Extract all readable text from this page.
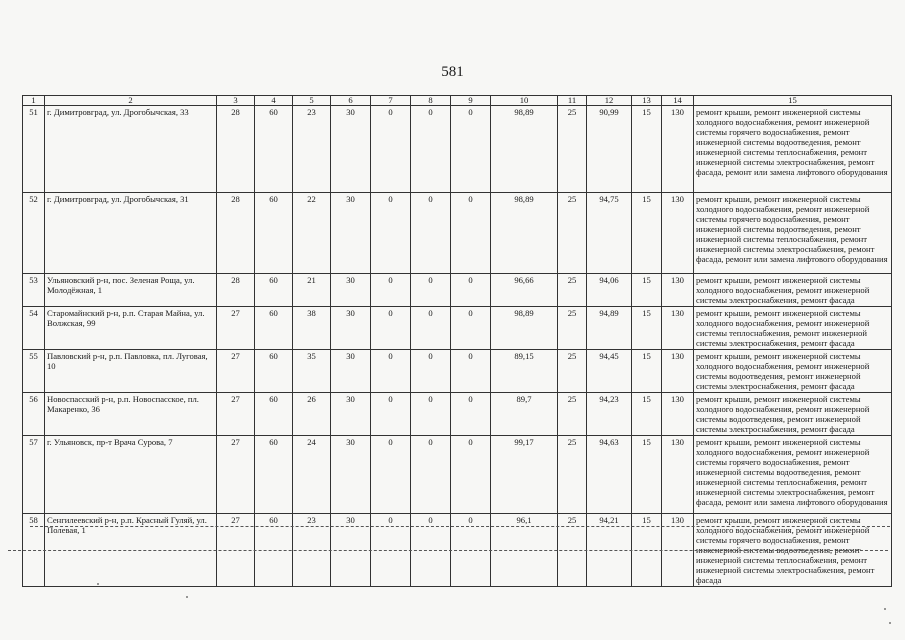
581
1	2	3	4	5	6	7	8	9	10	11	12	13	14	15
51	г. Димитровград, ул. Дрогобычская, 33	28	60	23	30	0	0	0	98,89	25	90,99	15	130	ремонт крыши, ремонт инженерной системы холодного водоснабжения, ремонт инженерной системы горячего водоснабжения, ремонт инженерной системы водоотведения, ремонт инженерной системы теплоснабжения, ремонт инженерной системы электроснабжения, ремонт фасада, ремонт или замена лифтового оборудования
52	г. Димитровград, ул. Дрогобычская, 31	28	60	22	30	0	0	0	98,89	25	94,75	15	130	ремонт крыши, ремонт инженерной системы холодного водоснабжения, ремонт инженерной системы горячего водоснабжения, ремонт инженерной системы водоотведения, ремонт инженерной системы теплоснабжения, ремонт инженерной системы электроснабжения, ремонт фасада, ремонт или замена лифтового оборудования
53	Ульяновский р-н, пос. Зеленая Роща, ул. Молодёжная, 1	28	60	21	30	0	0	0	96,66	25	94,06	15	130	ремонт крыши, ремонт инженерной системы холодного водоснабжения, ремонт инженерной системы электроснабжения, ремонт фасада
54	Старомайнский р-н, р.п. Старая Майна, ул. Волжская, 99	27	60	38	30	0	0	0	98,89	25	94,89	15	130	ремонт крыши, ремонт инженерной системы холодного водоснабжения, ремонт инженерной системы теплоснабжения, ремонт инженерной системы электроснабжения, ремонт фасада
55	Павловский р-н, р.п. Павловка, пл. Луговая, 10	27	60	35	30	0	0	0	89,15	25	94,45	15	130	ремонт крыши, ремонт инженерной системы холодного водоснабжения, ремонт инженерной системы водоотведения, ремонт инженерной системы электроснабжения, ремонт фасада
56	Новоспасский р-н, р.п. Новоспасское, пл. Макаренко, 36	27	60	26	30	0	0	0	89,7	25	94,23	15	130	ремонт крыши, ремонт инженерной системы холодного водоснабжения, ремонт инженерной системы водоотведения, ремонт инженерной системы электроснабжения, ремонт фасада
57	г. Ульяновск, пр-т Врача Сурова, 7	27	60	24	30	0	0	0	99,17	25	94,63	15	130	ремонт крыши, ремонт инженерной системы холодного водоснабжения, ремонт инженерной системы горячего водоснабжения, ремонт инженерной системы водоотведения, ремонт инженерной системы теплоснабжения, ремонт инженерной системы электроснабжения, ремонт фасада, ремонт или замена лифтового оборудования
58	Сенгилеевский р-н, р.п. Красный Гуляй, ул. Полевая, 1	27	60	23	30	0	0	0	96,1	25	94,21	15	130	ремонт крыши, ремонт инженерной системы холодного водоснабжения, ремонт инженерной системы горячего водоснабжения, ремонт инженерной системы водоотведения, ремонт инженерной системы теплоснабжения, ремонт инженерной системы электроснабжения, ремонт фасада
